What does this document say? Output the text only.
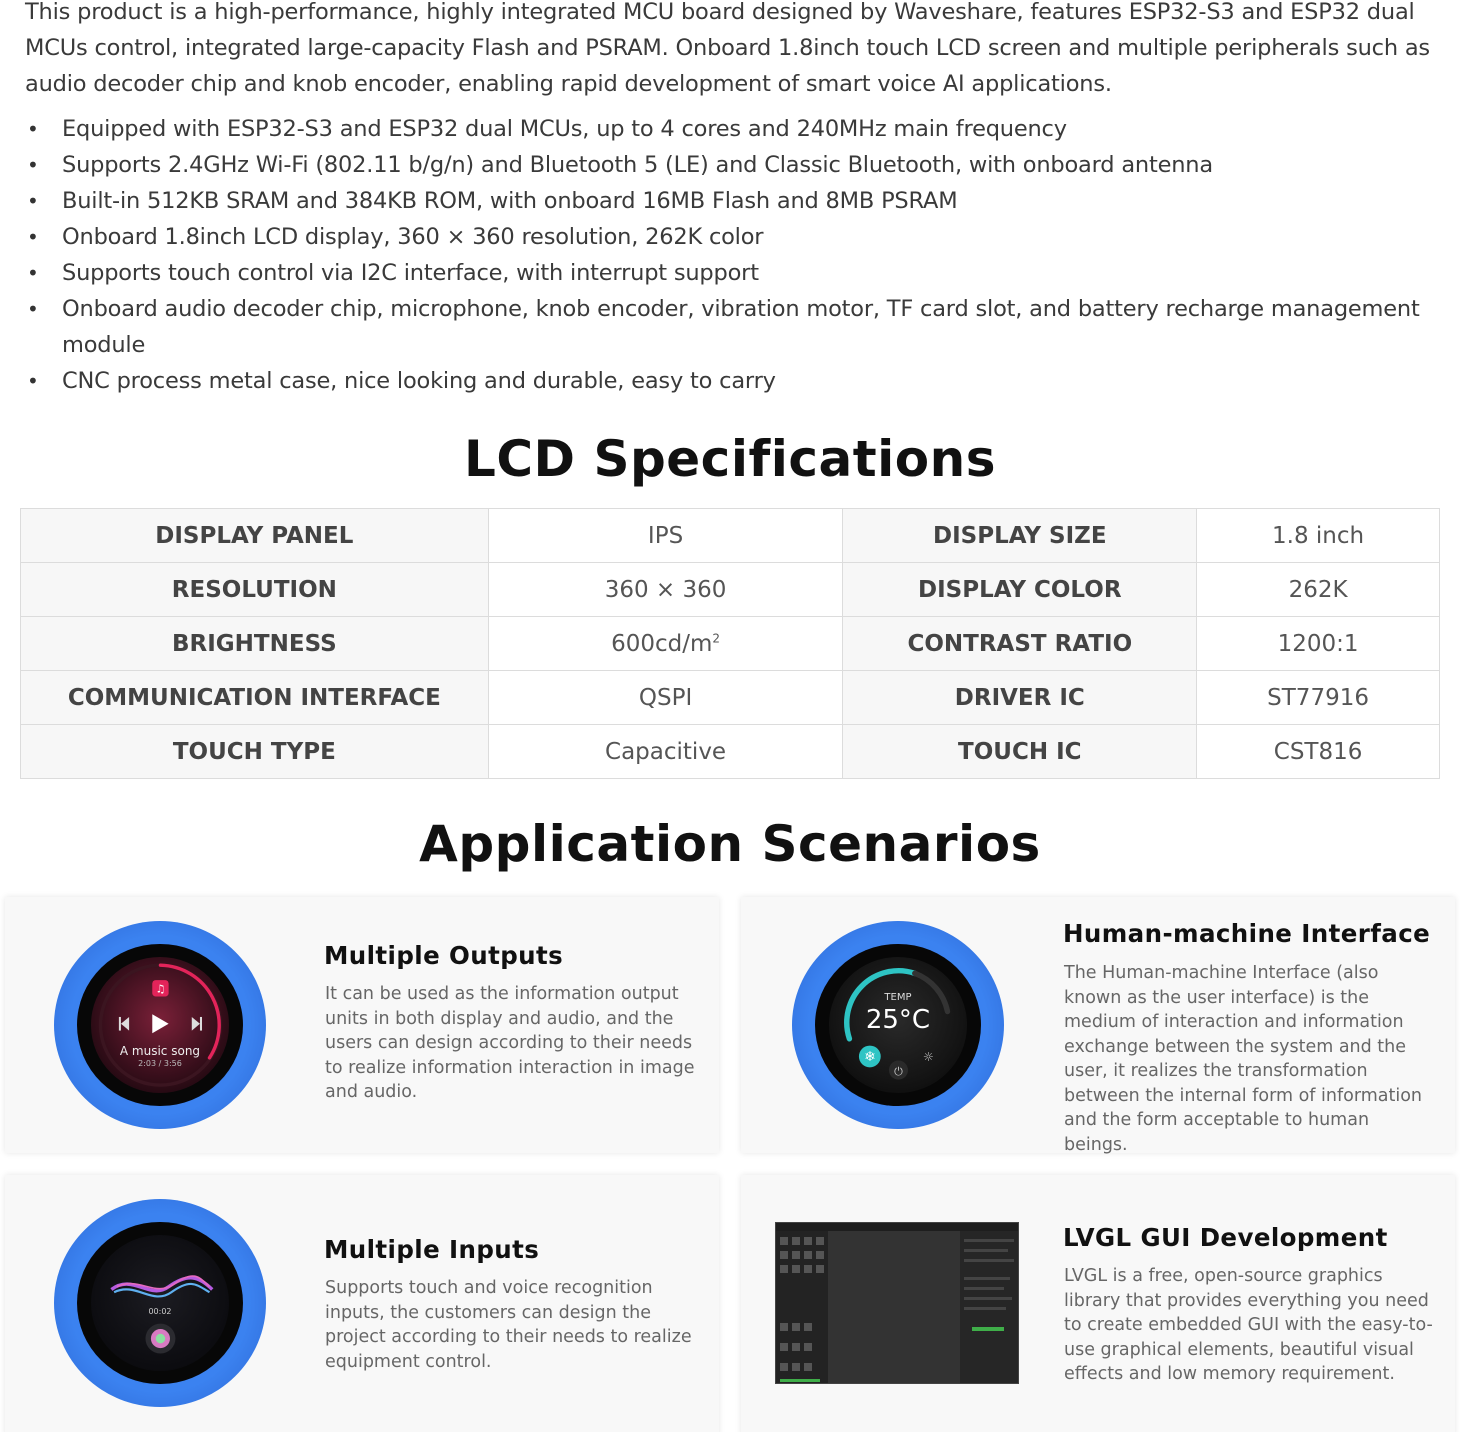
This product is a high-performance, highly integrated MCU board designed by Waveshare, features ESP32-S3 and ESP32 dual MCUs control, integrated large-capacity Flash and PSRAM. Onboard 1.8inch touch LCD screen and multiple peripherals such as audio decoder chip and knob encoder, enabling rapid development of smart voice AI applications.

• Equipped with ESP32-S3 and ESP32 dual MCUs, up to 4 cores and 240MHz main frequency
• Supports 2.4GHz Wi-Fi (802.11 b/g/n) and Bluetooth 5 (LE) and Classic Bluetooth, with onboard antenna
• Built-in 512KB SRAM and 384KB ROM, with onboard 16MB Flash and 8MB PSRAM
• Onboard 1.8inch LCD display, 360 × 360 resolution, 262K color
• Supports touch control via I2C interface, with interrupt support
• Onboard audio decoder chip, microphone, knob encoder, vibration motor, TF card slot, and battery recharge management module
• CNC process metal case, nice looking and durable, easy to carry
LCD Specifications
DISPLAY PANEL	IPS	DISPLAY SIZE	1.8 inch
RESOLUTION	360 × 360	DISPLAY COLOR	262K
BRIGHTNESS	$600cd/m^2$	CONTRAST RATIO	1200:1
COMMUNICATION INTERFACE	QSPI	DRIVER IC	ST77916
TOUCH TYPE	Capacitive	TOUCH IC	CST816
Application Scenarios
♫
A music song
2:03 / 3:56
Multiple Outputs
It can be used as the information output units in both display and audio, and the users can design according to their needs to realize information interaction in image and audio.
❄
⏻
☼
TEMP
25°C
Human-machine Interface
The Human-machine Interface (also known as the user interface) is the medium of interaction and information exchange between the system and the user, it realizes the transformation between the internal form of information and the form acceptable to human beings.
00:02
Multiple Inputs
Supports touch and voice recognition inputs, the customers can design the project according to their needs to realize equipment control.
LVGL GUI Development
LVGL is a free, open-source graphics library that provides everything you need to create embedded GUI with the easy-to-use graphical elements, beautiful visual effects and low memory requirement.
